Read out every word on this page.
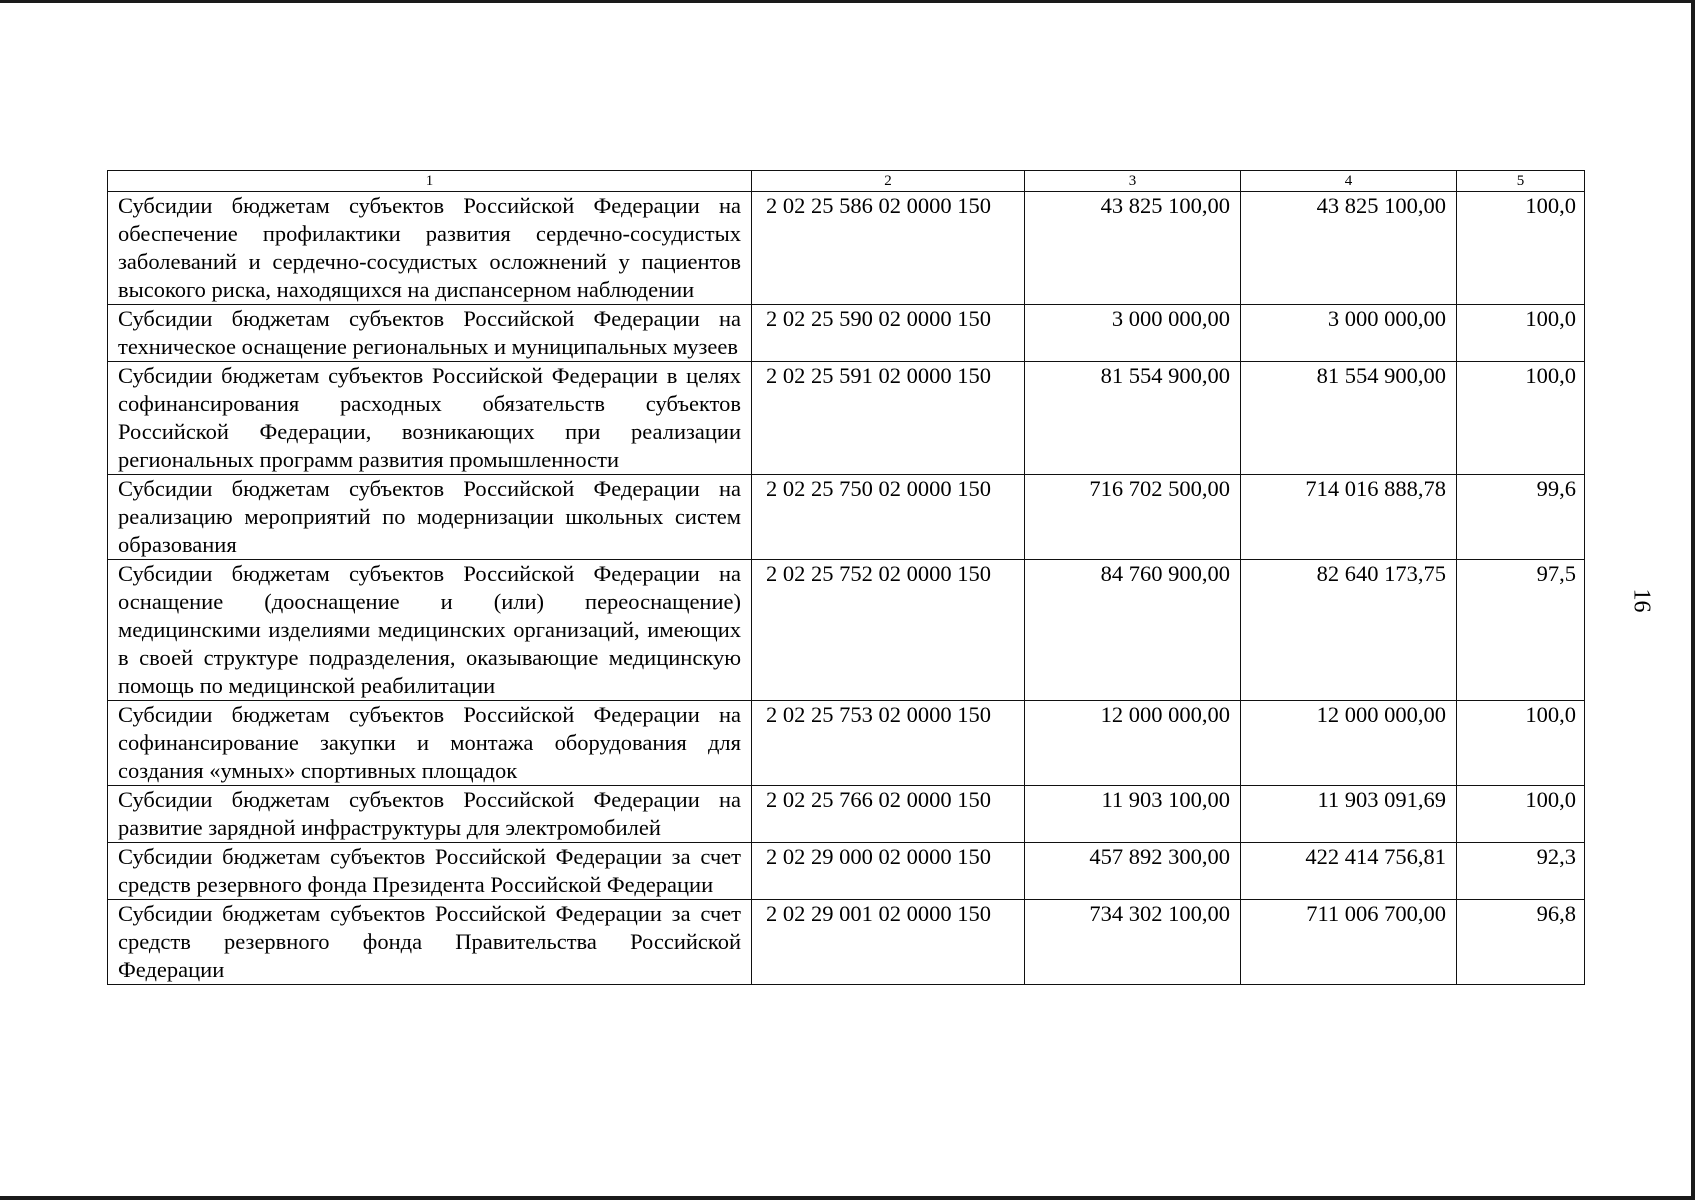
1	2	3	4	5
Субсидии бюджетам субъектов Российской Федерации на обеспечение профилактики развития сердечно-сосудистых заболеваний и сердечно-сосудистых осложнений у пациентов высокого риска, находящихся на диспансерном наблюдении	2 02 25 586 02 0000 150	43 825 100,00	43 825 100,00	100,0
Субсидии бюджетам субъектов Российской Федерации на техническое оснащение региональных и муниципальных музеев	2 02 25 590 02 0000 150	3 000 000,00	3 000 000,00	100,0
Субсидии бюджетам субъектов Российской Федерации в целях софинансирования расходных обязательств субъектов Российской Федерации, возникающих при реализации региональных программ развития промышленности	2 02 25 591 02 0000 150	81 554 900,00	81 554 900,00	100,0
Субсидии бюджетам субъектов Российской Федерации на реализацию мероприятий по модернизации школьных систем образования	2 02 25 750 02 0000 150	716 702 500,00	714 016 888,78	99,6
Субсидии бюджетам субъектов Российской Федерации на оснащение (дооснащение и (или) переоснащение) медицинскими изделиями медицинских организаций, имеющих в своей структуре подразделения, оказывающие медицинскую помощь по медицинской реабилитации	2 02 25 752 02 0000 150	84 760 900,00	82 640 173,75	97,5
Субсидии бюджетам субъектов Российской Федерации на софинансирование закупки и монтажа оборудования для создания «умных» спортивных площадок	2 02 25 753 02 0000 150	12 000 000,00	12 000 000,00	100,0
Субсидии бюджетам субъектов Российской Федерации на развитие зарядной инфраструктуры для электромобилей	2 02 25 766 02 0000 150	11 903 100,00	11 903 091,69	100,0
Субсидии бюджетам субъектов Российской Федерации за счет средств резервного фонда Президента Российской Федерации	2 02 29 000 02 0000 150	457 892 300,00	422 414 756,81	92,3
Субсидии бюджетам субъектов Российской Федерации за счет средств резервного фонда Правительства Российской Федерации	2 02 29 001 02 0000 150	734 302 100,00	711 006 700,00	96,8
16
